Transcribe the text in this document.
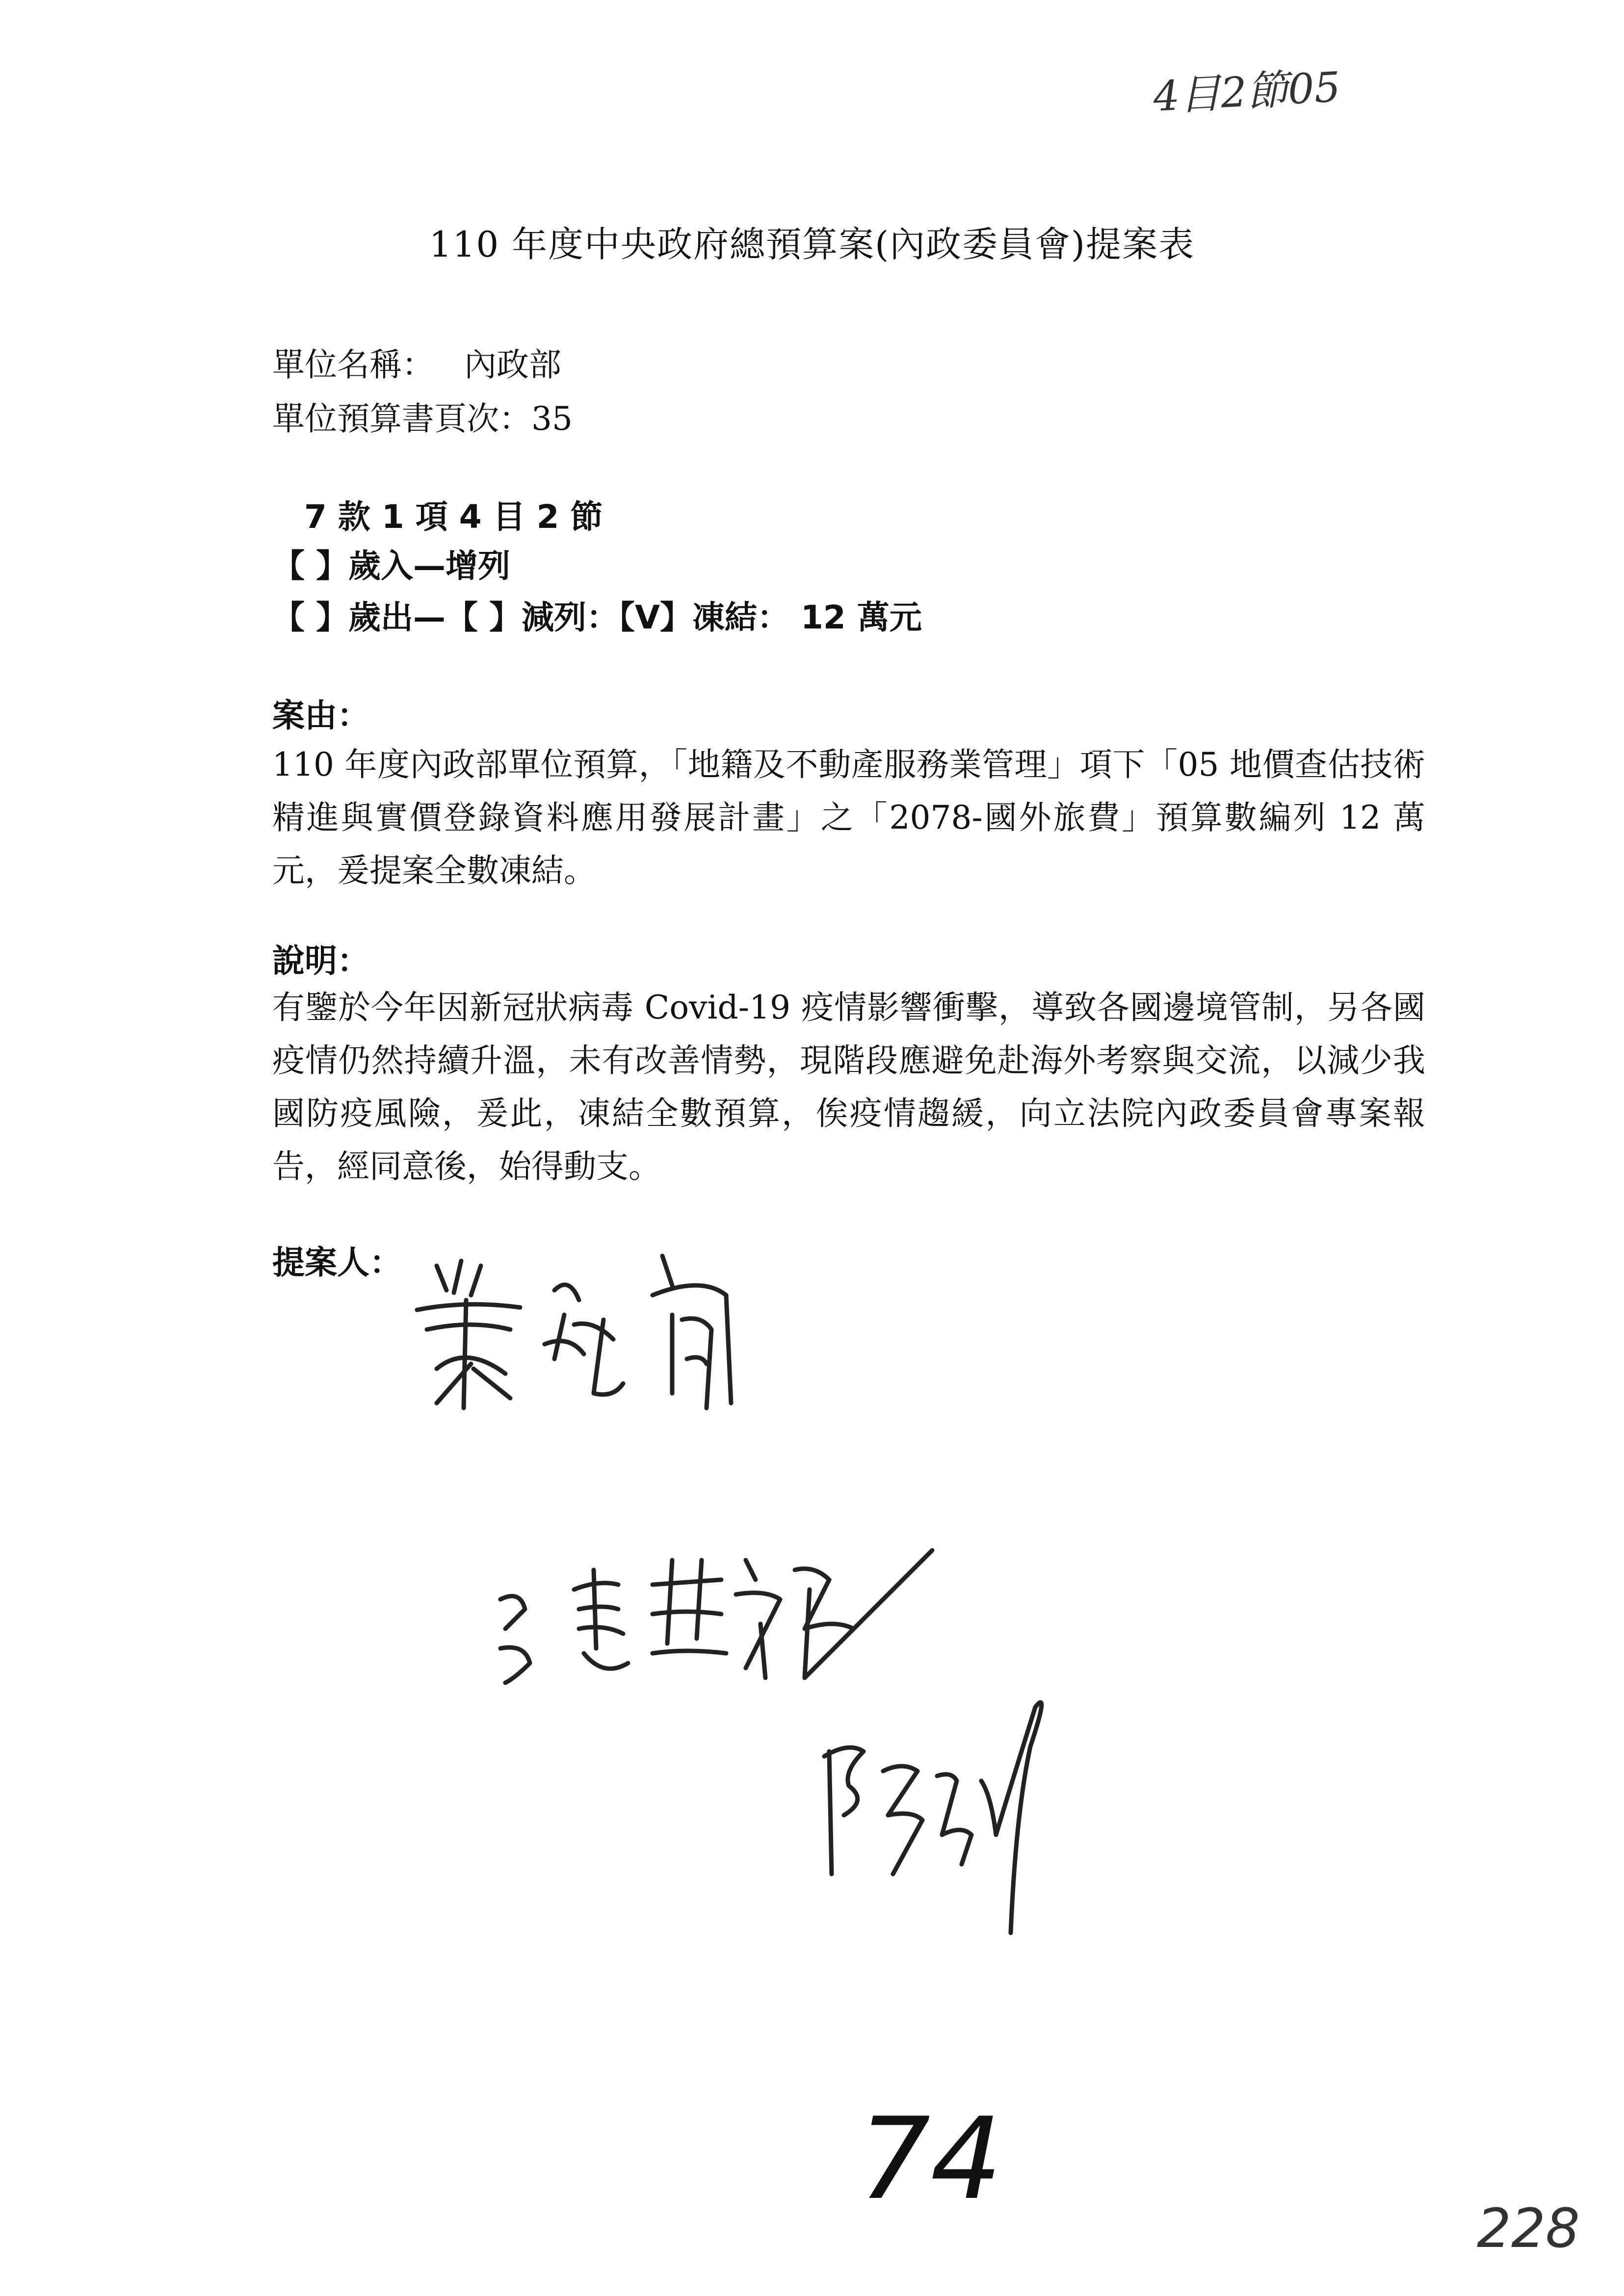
4目2節05
110 年度中央政府總預算案(內政委員會)提案表
單位名稱： 內政部
單位預算書頁次：35
7 款 1 項 4 目 2 節
【 】歲入—增列
【 】歲出—【 】減列：【V】凍結： 12 萬元
案由：
110 年度內政部單位預算，「地籍及不動產服務業管理」項下「05 地價查估技術精進與實價登錄資料應用發展計畫」之「2078-國外旅費」預算數編列 12 萬元，爰提案全數凍結。
說明：
有鑒於今年因新冠狀病毒 Covid-19 疫情影響衝擊，導致各國邊境管制，另各國疫情仍然持續升溫，未有改善情勢，現階段應避免赴海外考察與交流，以減少我國防疫風險，爰此，凍結全數預算，俟疫情趨緩，向立法院內政委員會專案報告，經同意後，始得動支。
提案人：
74
228
